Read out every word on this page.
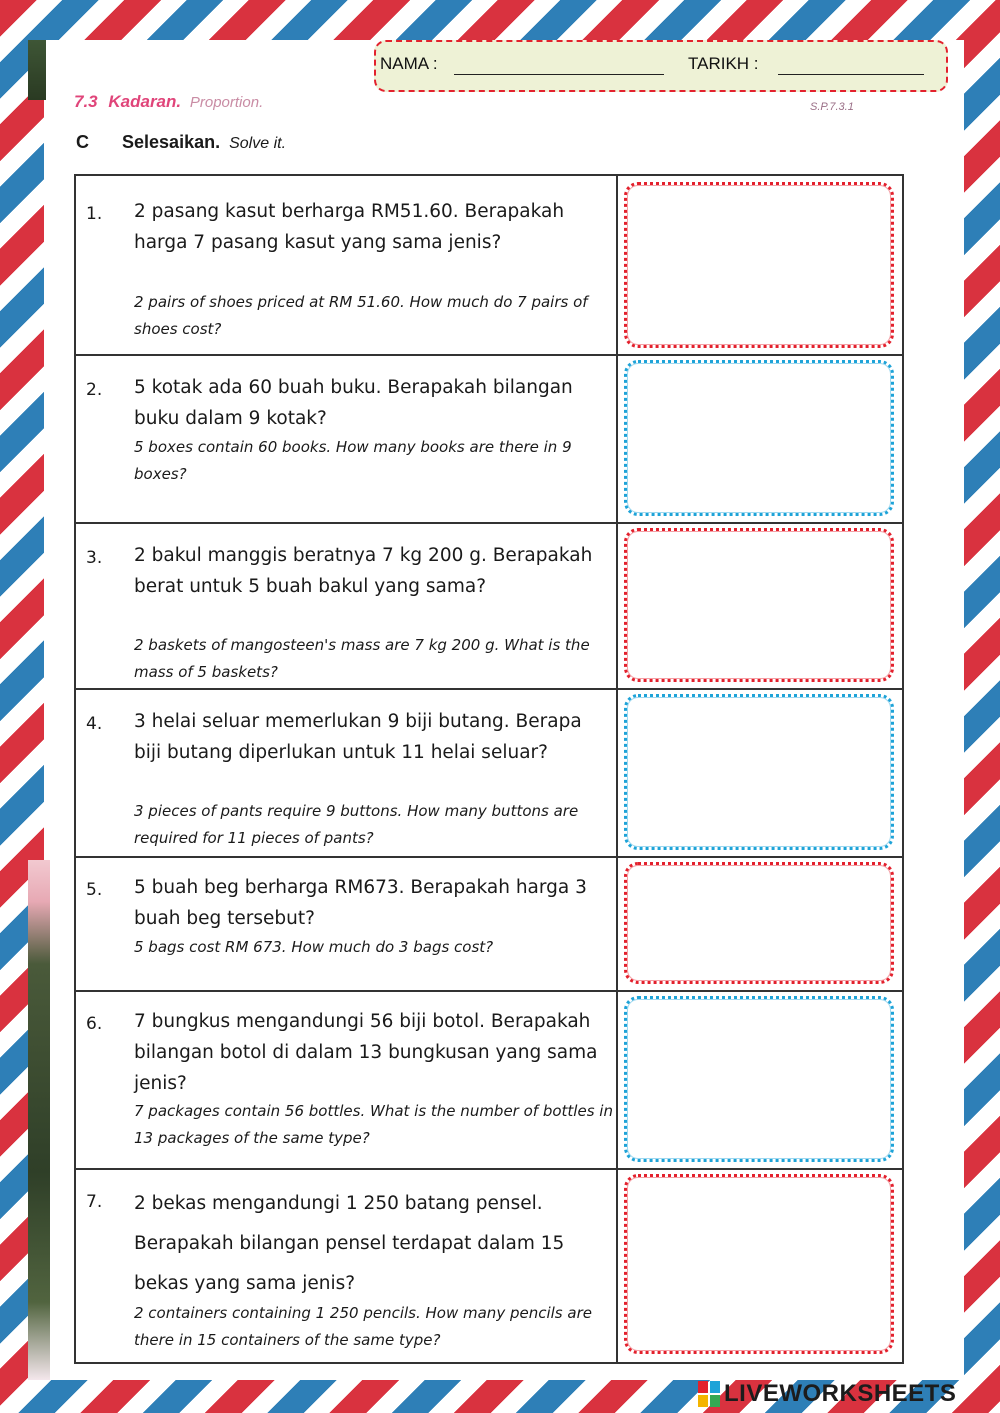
NAMA :	TARIKH :
7.3 Kadaran. Proportion.	S.P.7.3.1
C Selesaikan. Solve it.
1. 2 pasang kasut berharga RM51.60. Berapakah harga 7 pasang kasut yang sama jenis?
2 pairs of shoes priced at RM 51.60. How much do 7 pairs of shoes cost?
2. 5 kotak ada 60 buah buku. Berapakah bilangan buku dalam 9 kotak?
5 boxes contain 60 books. How many books are there in 9 boxes?
3. 2 bakul manggis beratnya 7 kg 200 g. Berapakah berat untuk 5 buah bakul yang sama?
2 baskets of mangosteen's mass are 7 kg 200 g. What is the mass of 5 baskets?
4. 3 helai seluar memerlukan 9 biji butang. Berapa biji butang diperlukan untuk 11 helai seluar?
3 pieces of pants require 9 buttons. How many buttons are required for 11 pieces of pants?
5. 5 buah beg berharga RM673. Berapakah harga 3 buah beg tersebut?
5 bags cost RM 673. How much do 3 bags cost?
6. 7 bungkus mengandungi 56 biji botol. Berapakah bilangan botol di dalam 13 bungkusan yang sama jenis?
7 packages contain 56 bottles. What is the number of bottles in 13 packages of the same type?
7. 2 bekas mengandungi 1 250 batang pensel. Berapakah bilangan pensel terdapat dalam 15 bekas yang sama jenis?
2 containers containing 1 250 pencils. How many pencils are there in 15 containers of the same type?
LIVEWORKSHEETS
